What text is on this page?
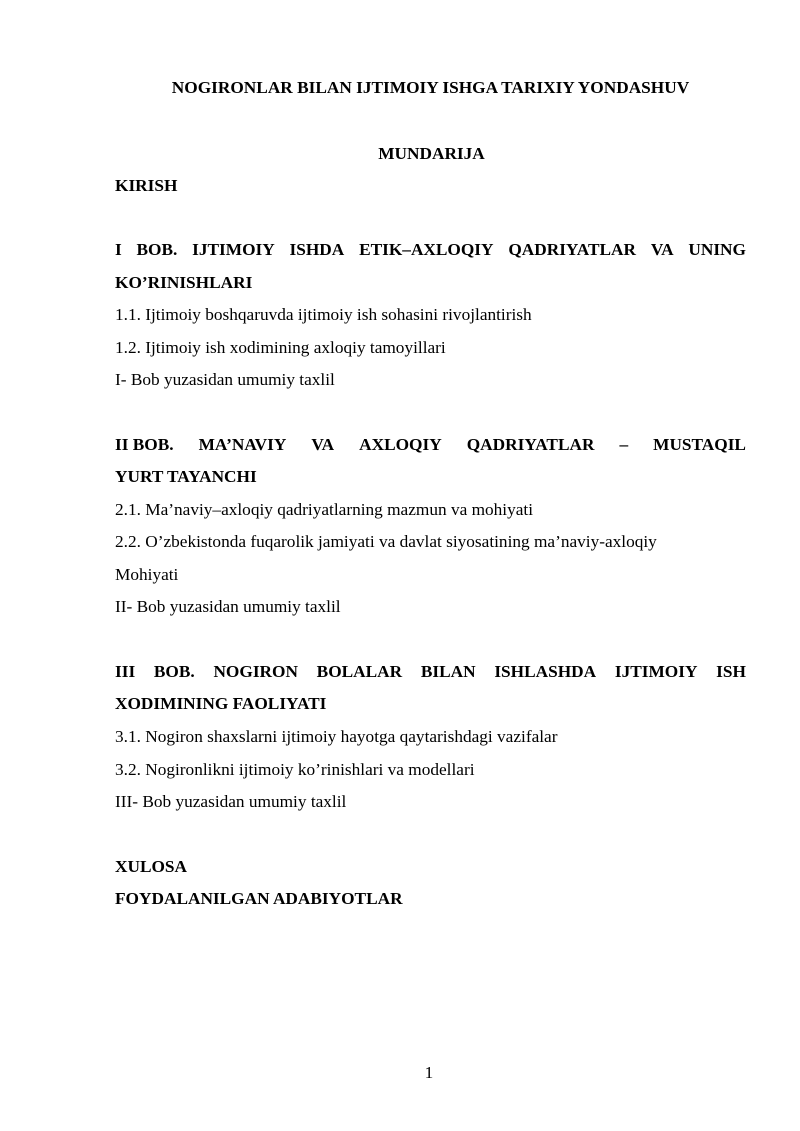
NOGIRONLAR BILAN IJTIMOIY ISHGA TARIXIY YONDASHUV
MUNDARIJA
KIRISH
I BOB. IJTIMOIY ISHDA ETIK–AXLOQIY QADRIYATLAR VA UNING
KO’RINISHLARI
1.1. Ijtimoiy boshqaruvda ijtimoiy ish sohasini rivojlantirish
1.2. Ijtimoiy ish xodimining axloqiy tamoyillari
I- Bob yuzasidan umumiy taxlil
II BOB. MA’NAVIY VA AXLOQIY QADRIYATLAR – MUSTAQIL
YURT TAYANCHI
2.1. Ma’naviy–axloqiy qadriyatlarning mazmun va mohiyati
2.2. O’zbekistonda fuqarolik jamiyati va davlat siyosatining ma’naviy-axloqiy
Mohiyati
II- Bob yuzasidan umumiy taxlil
III BOB. NOGIRON BOLALAR BILAN ISHLASHDA IJTIMOIY ISH
XODIMINING FAOLIYATI
3.1. Nogiron shaxslarni ijtimoiy hayotga qaytarishdagi vazifalar
3.2. Nogironlikni ijtimoiy ko’rinishlari va modellari
III- Bob yuzasidan umumiy taxlil
XULOSA
FOYDALANILGAN ADABIYOTLAR
1
